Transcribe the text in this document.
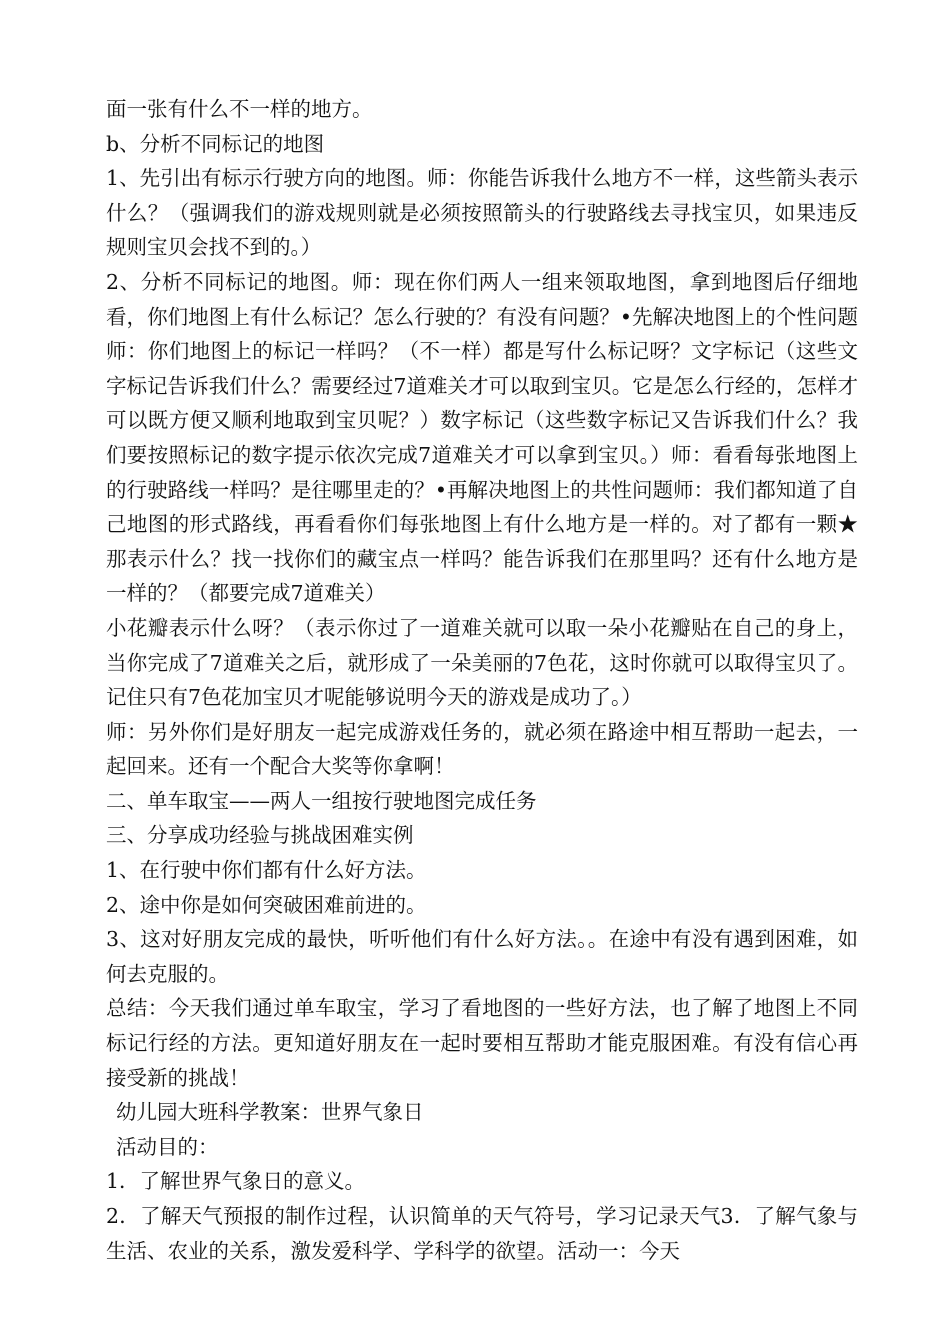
面一张有什么不一样的地方。

b、分析不同标记的地图

1、先引出有标示行驶方向的地图。师：你能告诉我什么地方不一样，这些箭头表示什么？（强调我们的游戏规则就是必须按照箭头的行驶路线去寻找宝贝，如果违反规则宝贝会找不到的。）

2、分析不同标记的地图。师：现在你们两人一组来领取地图，拿到地图后仔细地看，你们地图上有什么标记？怎么行驶的？有没有问题？•先解决地图上的个性问题师：你们地图上的标记一样吗？（不一样）都是写什么标记呀？文字标记（这些文字标记告诉我们什么？需要经过7道难关才可以取到宝贝。它是怎么行经的，怎样才可以既方便又顺利地取到宝贝呢？）数字标记（这些数字标记又告诉我们什么？我们要按照标记的数字提示依次完成7道难关才可以拿到宝贝。）师：看看每张地图上的行驶路线一样吗？是往哪里走的？•再解决地图上的共性问题师：我们都知道了自己地图的形式路线，再看看你们每张地图上有什么地方是一样的。对了都有一颗★那表示什么？找一找你们的藏宝点一样吗？能告诉我们在那里吗？还有什么地方是一样的？（都要完成7道难关）

小花瓣表示什么呀？（表示你过了一道难关就可以取一朵小花瓣贴在自己的身上，当你完成了7道难关之后，就形成了一朵美丽的7色花，这时你就可以取得宝贝了。记住只有7色花加宝贝才呢能够说明今天的游戏是成功了。）

师：另外你们是好朋友一起完成游戏任务的，就必须在路途中相互帮助一起去，一起回来。还有一个配合大奖等你拿啊！

二、单车取宝——两人一组按行驶地图完成任务

三、分享成功经验与挑战困难实例

1、在行驶中你们都有什么好方法。

2、途中你是如何突破困难前进的。

3、这对好朋友完成的最快，听听他们有什么好方法。。在途中有没有遇到困难，如何去克服的。

总结：今天我们通过单车取宝，学习了看地图的一些好方法，也了解了地图上不同标记行经的方法。更知道好朋友在一起时要相互帮助才能克服困难。有没有信心再接受新的挑战！

幼儿园大班科学教案：世界气象日

活动目的：

1．了解世界气象日的意义。

2．了解天气预报的制作过程，认识简单的天气符号，学习记录天气3．了解气象与生活、农业的关系，激发爱科学、学科学的欲望。活动一：今天
